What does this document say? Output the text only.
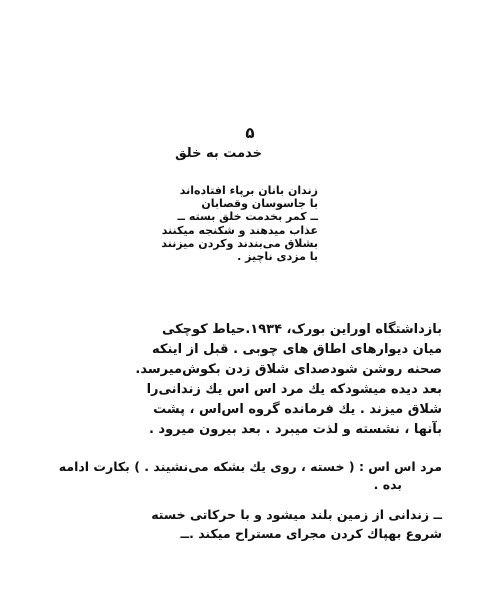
۵
خدمت به خلق
زندان بانان برپاء افتاده‌اند
با جاسوسان وقصابان
ــ کمر بخدمت خلق بسته ــ
عذاب میدهند و شکنجه میکنند
بشلاق می‌بندند وکردن میزنند
با مزدی ناچیز .
بازداشتگاه اوراین بورک، ۱۹۳۴.حیاط کوچکی
میان دیوارهای اطاق های چوبی . قبل از اینکه
صحنه روشن شودصدای شلاق زدن بکوش‌میرسد.
بعد دیده میشودکه یك مرد اس اس یك زندانی‌را
شلاق میزند . یك فرمانده گروه اس‌اس ، پشت
بآنها ، نشسته و لذت میبرد . بعد بیرون میرود .
مرد اس اس : ( خسته ، روی یك بشکه می‌نشیند . ) بکارت ادامه
بده .
ــ زندانی از زمین بلند میشود و با حرکاتی خسته
شروع بهپاك کردن مجرای مستراح میکند .ــ
